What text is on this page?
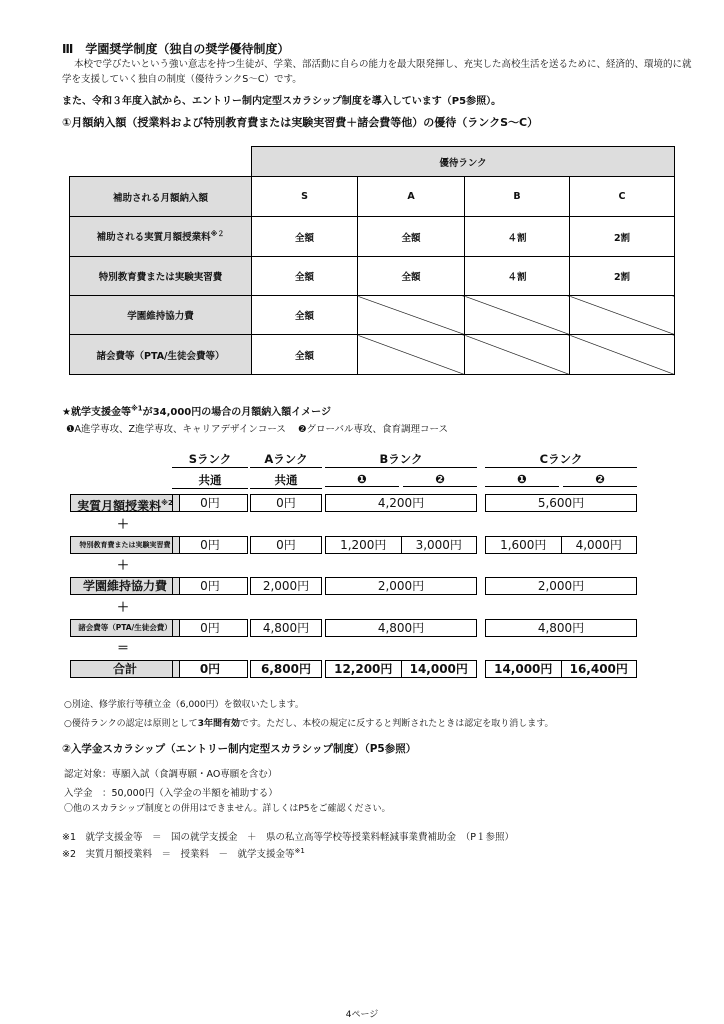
Ⅲ　学園奨学制度（独自の奨学優待制度）
本校で学びたいという強い意志を持つ生徒が、学業、部活動に自らの能力を最大限発揮し、充実した高校生活を送るために、経済的、環境的に就学を支援していく独自の制度（優待ランクS～C）です。
また、令和３年度入試から、エントリー制内定型スカラシップ制度を導入しています（P5参照）。
①月額納入額（授業料および特別教育費または実験実習費＋諸会費等他）の優待（ランクS～C）
	優待ランク			
補助される月額納入額	S	A	B	C
補助される実質月額授業料$^{※2}$	全額	全額	４割	2割
特別教育費または実験実習費	全額	全額	４割	2割
学園維持協力費	全額			
諸会費等（PTA/生徒会費等）	全額			
★就学支援金等$^{※1}$が34,000円の場合の月額納入額イメージ
❶A進学専攻、Z進学専攻、キャリアデザインコース ❷グローバル専攻、食育調理コース
Sランク	Aランク	Bランク	Cランク
共通	共通	❶	❷	❶	❷
実質月額授業料$^{※2}$	0円	0円	4,200円	5,600円
＋
特別教育費または実験実習費	0円	0円	1,200円	3,000円	1,600円	4,000円
＋
学園維持協力費	0円	2,000円	2,000円	2,000円
＋
諸会費等（PTA/生徒会費）	0円	4,800円	4,800円	4,800円
＝
合計	0円	6,800円	12,200円	14,000円	14,000円	16,400円
○別途、修学旅行等積立金（6,000円）を徴収いたします。
○優待ランクの認定は原則として3年間有効です。ただし、本校の規定に反すると判断されたときは認定を取り消します。
②入学金スカラシップ（エントリー制内定型スカラシップ制度）（P5参照）
認定対象：専願入試（食調専願・AO専願を含む）
入学金　：50,000円（入学金の半額を補助する）
〇他のスカラシップ制度との併用はできません。詳しくはP5をご確認ください。
※1　就学支援金等　＝　国の就学支援金　＋　県の私立高等学校等授業料軽減事業費補助金　（P１参照）
※2　実質月額授業料　＝　授業料　－　就学支援金等$^{※1}$
4ページ
